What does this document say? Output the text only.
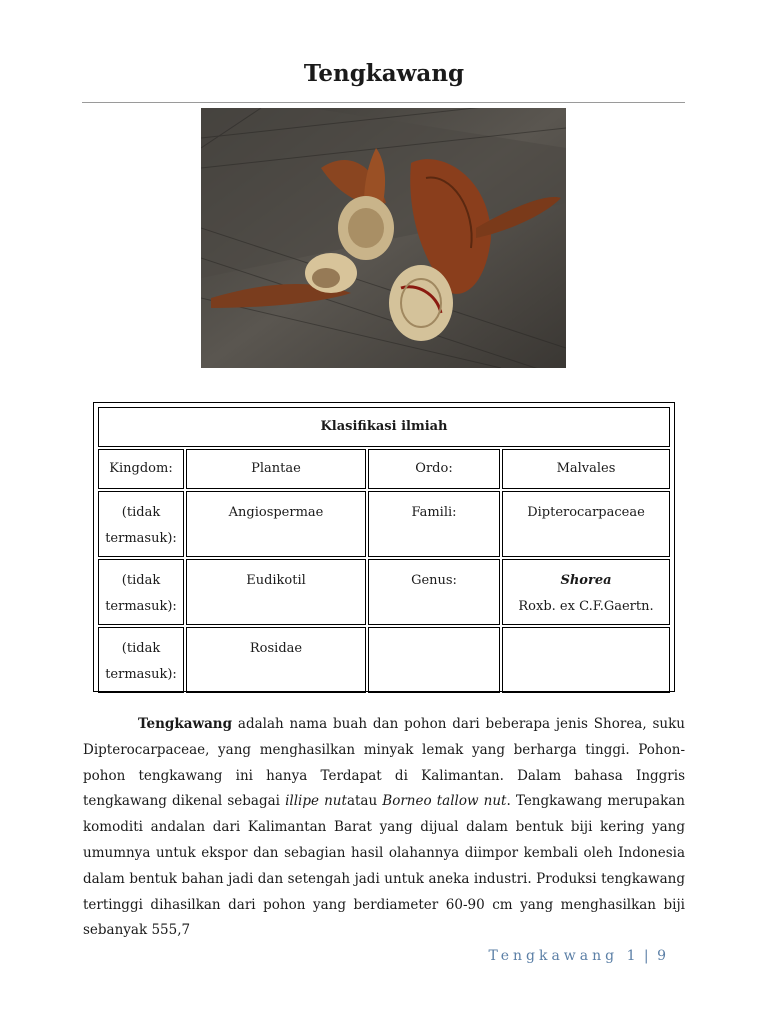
Tengkawang
Klasifikasi ilmiah			
Kingdom:	Plantae	Ordo:	Malvales
(tidak termasuk):	Angiospermae	Famili:	Dipterocarpaceae
(tidak termasuk):	Eudikotil	Genus:	Shorea
Roxb. ex C.F.Gaertn.
(tidak termasuk):	Rosidae		
Tengkawang adalah nama buah dan pohon dari beberapa jenis Shorea, suku Dipterocarpaceae, yang menghasilkan minyak lemak yang berharga tinggi. Pohon-pohon tengkawang ini hanya Terdapat di Kalimantan. Dalam bahasa Inggris tengkawang dikenal sebagai illipe nutatau Borneo tallow nut. Tengkawang merupakan komoditi andalan dari Kalimantan Barat yang dijual dalam bentuk biji kering yang umumnya untuk ekspor dan sebagian hasil olahannya diimpor kembali oleh Indonesia dalam bentuk bahan jadi dan setengah jadi untuk aneka industri. Produksi tengkawang tertinggi dihasilkan dari pohon yang berdiameter 60-90 cm yang menghasilkan biji sebanyak 555,7
Tengkawang 1 | 9
